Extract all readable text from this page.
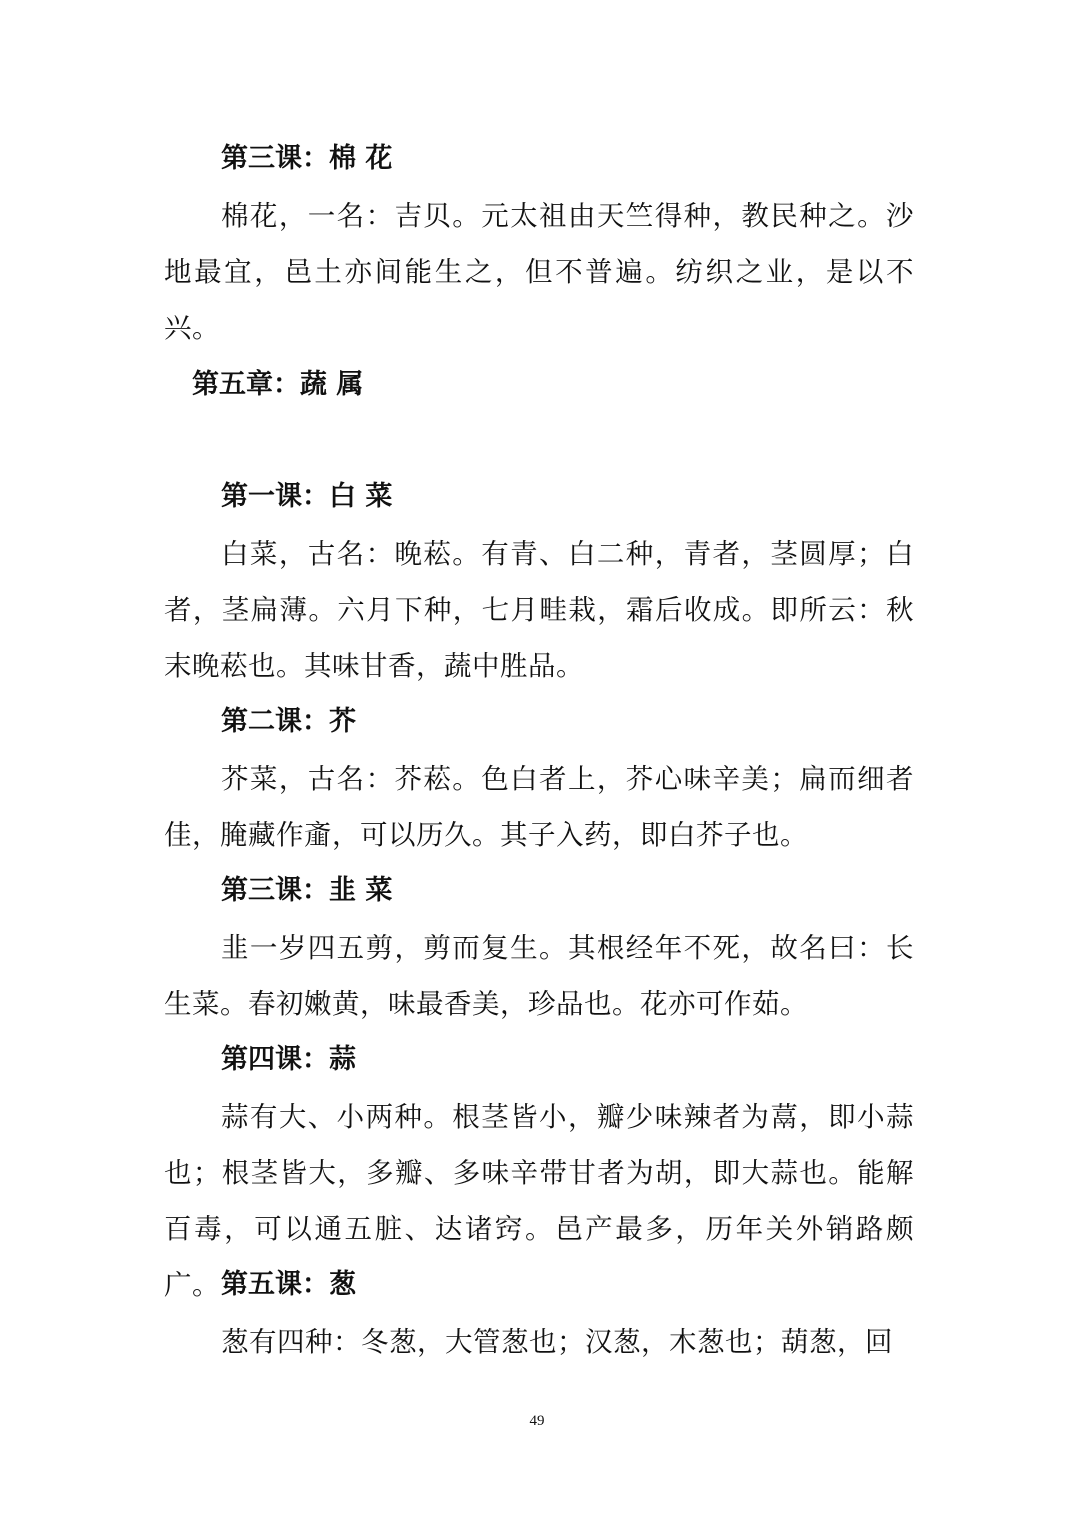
第三课：棉 花
棉花，一名：吉贝。元太祖由天竺得种，教民种之。沙地最宜，邑土亦间能生之，但不普遍。纺织之业，是以不兴。
第五章：蔬 属
第一课：白 菜
白菜，古名：晚菘。有青、白二种，青者，茎圆厚；白者，茎扁薄。六月下种，七月畦栽，霜后收成。即所云：秋末晚菘也。其味甘香，蔬中胜品。
第二课：芥
芥菜，古名：芥菘。色白者上，芥心味辛美；扁而细者佳，腌藏作齑，可以历久。其子入药，即白芥子也。
第三课：韭 菜
韭一岁四五剪，剪而复生。其根经年不死，故名曰：长生菜。春初嫩黄，味最香美，珍品也。花亦可作茹。
第四课：蒜
蒜有大、小两种。根茎皆小，瓣少味辣者为蒚，即小蒜也；根茎皆大，多瓣、多味辛带甘者为胡，即大蒜也。能解百毒，可以通五脏、达诸窍。邑产最多，历年关外销路颇广。 第五课：葱
葱有四种：冬葱，大管葱也；汉葱，木葱也；葫葱，回
49
